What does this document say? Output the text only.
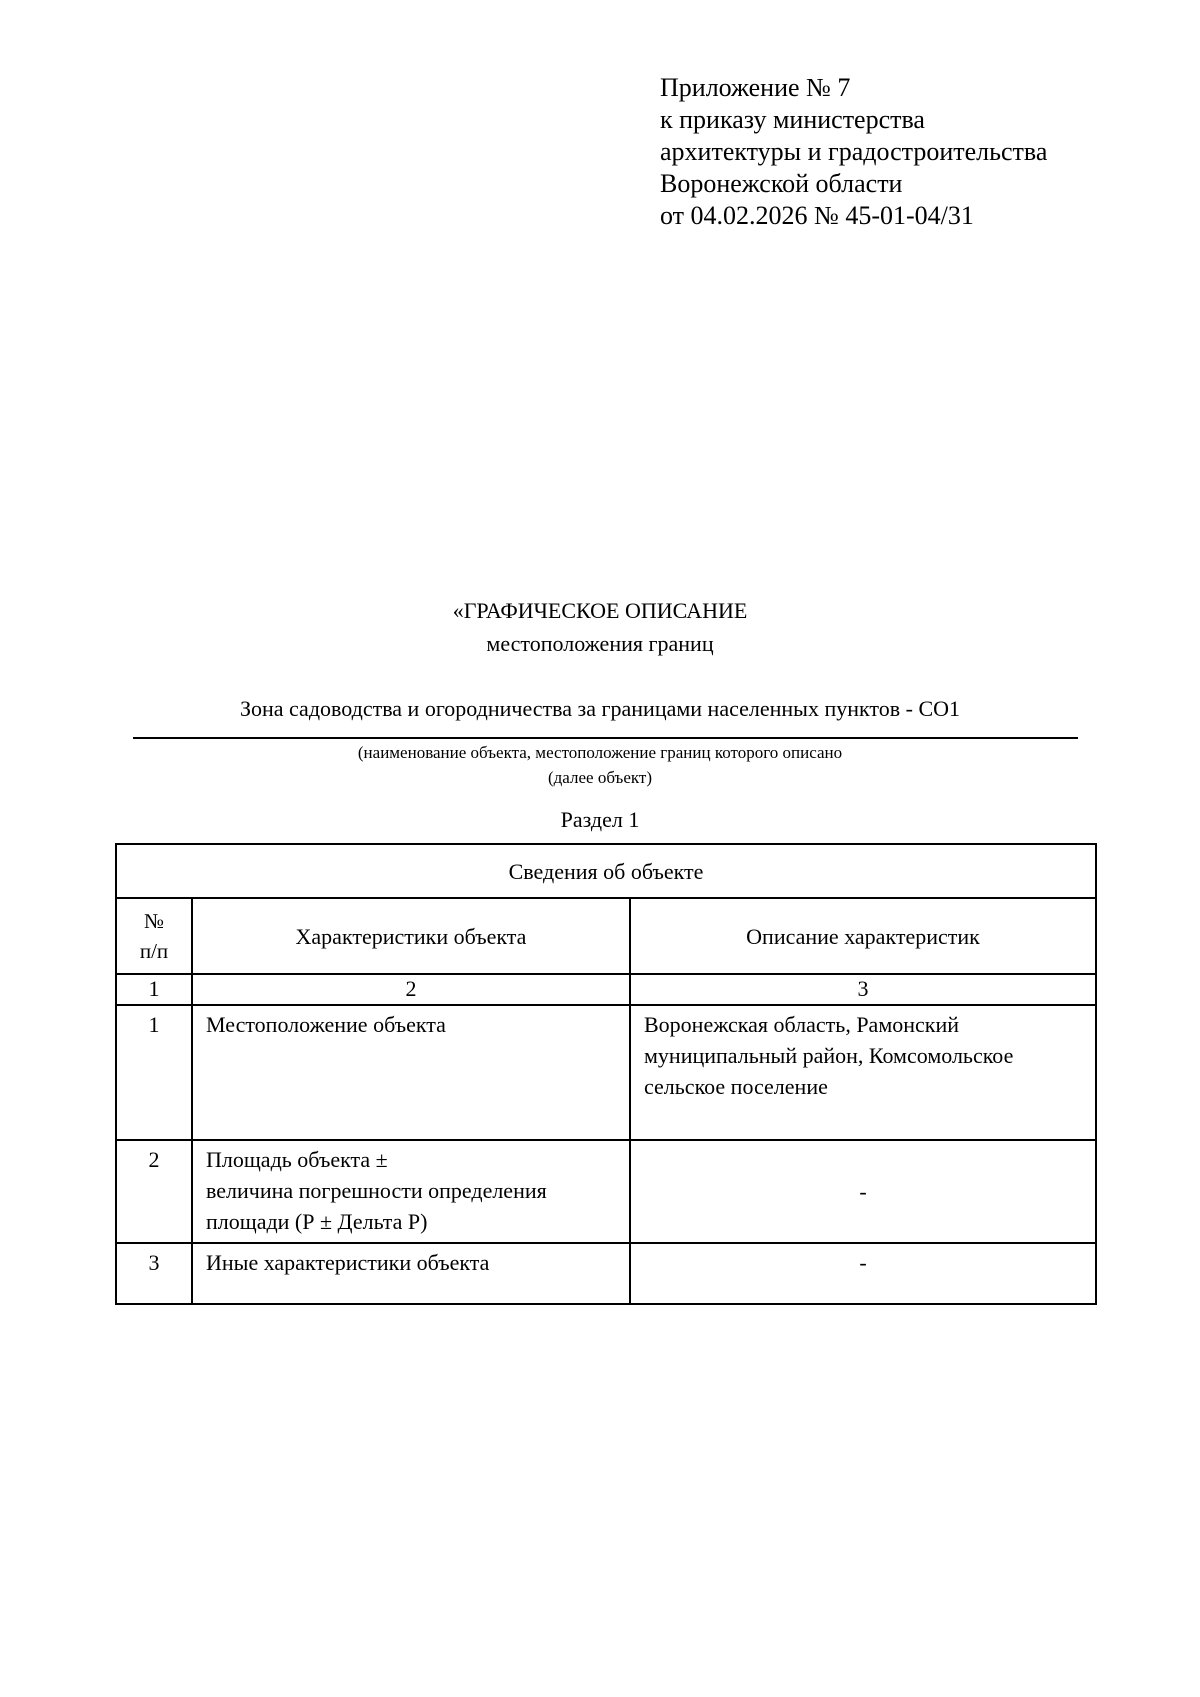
Приложение № 7
к приказу министерства
архитектуры и градостроительства
Воронежской области
от 04.02.2026 № 45-01-04/31
«ГРАФИЧЕСКОЕ ОПИСАНИЕ
местоположения границ
Зона садоводства и огородничества за границами населенных пунктов - СО1
(наименование объекта, местоположение границ которого описано
(далее объект)
Раздел 1
Сведения об объекте		

№
п/п	Характеристики объекта	Описание характеристик
1	2	3
1	Местоположение объекта	Воронежская область, Рамонский
муниципальный район, Комсомольское
сельское поселение

2	Площадь объекта ±
величина погрешности определения
площади (Р ± Дельта Р)	-
3	Иные характеристики объекта	-
